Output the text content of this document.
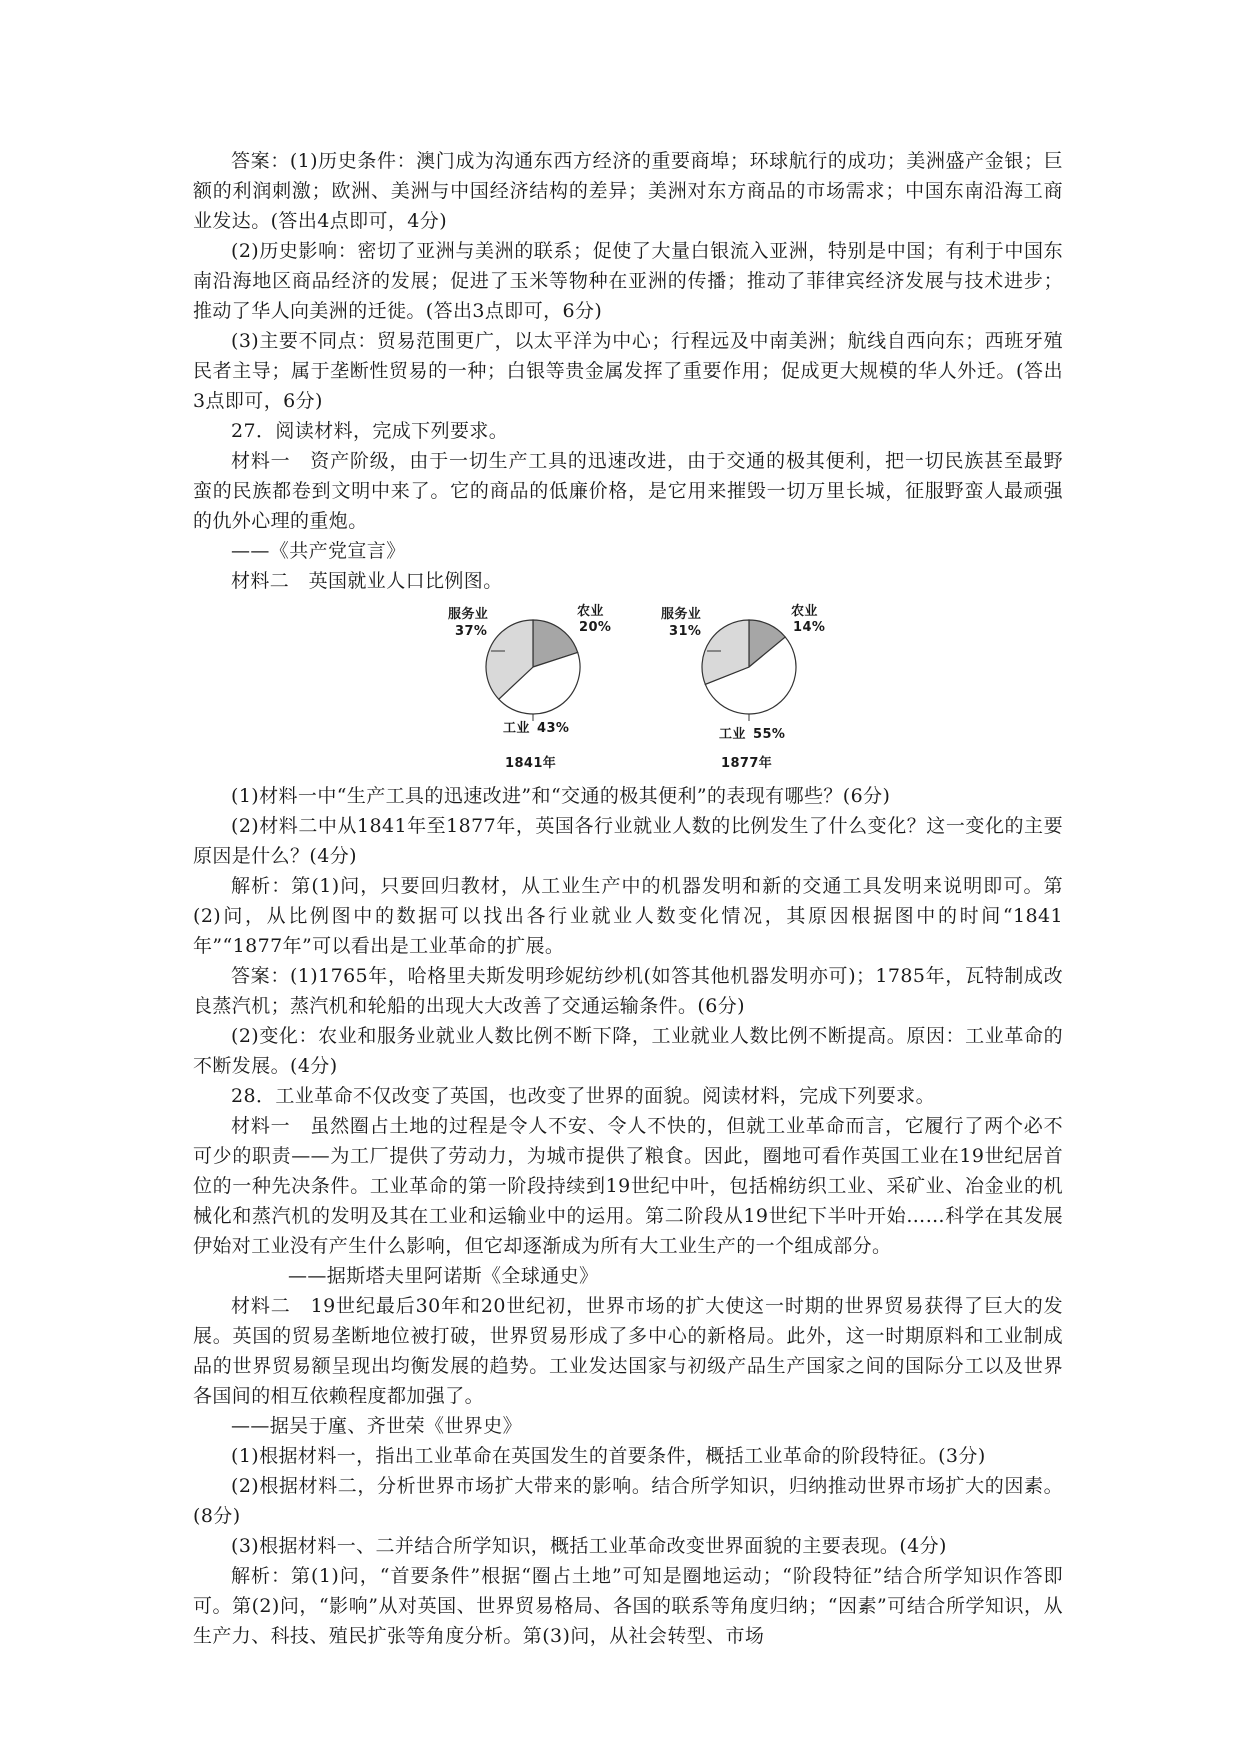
答案：(1)历史条件：澳门成为沟通东西方经济的重要商埠；环球航行的成功；美洲盛产金银；巨额的利润刺激；欧洲、美洲与中国经济结构的差异；美洲对东方商品的市场需求；中国东南沿海工商业发达。(答出4点即可，4分)

(2)历史影响：密切了亚洲与美洲的联系；促使了大量白银流入亚洲，特别是中国；有利于中国东南沿海地区商品经济的发展；促进了玉米等物种在亚洲的传播；推动了菲律宾经济发展与技术进步；推动了华人向美洲的迁徙。(答出3点即可，6分)

(3)主要不同点：贸易范围更广，以太平洋为中心；行程远及中南美洲；航线自西向东；西班牙殖民者主导；属于垄断性贸易的一种；白银等贵金属发挥了重要作用；促成更大规模的华人外迁。(答出3点即可，6分)

27．阅读材料，完成下列要求。

材料一　资产阶级，由于一切生产工具的迅速改进，由于交通的极其便利，把一切民族甚至最野蛮的民族都卷到文明中来了。它的商品的低廉价格，是它用来摧毁一切万里长城，征服野蛮人最顽强的仇外心理的重炮。

——《共产党宣言》

材料二　英国就业人口比例图。

服务业
37%
农业
20%
工业 43%
1841年
服务业
31%
农业
14%
工业 55%
1877年

(1)材料一中“生产工具的迅速改进”和“交通的极其便利”的表现有哪些？(6分)

(2)材料二中从1841年至1877年，英国各行业就业人数的比例发生了什么变化？这一变化的主要原因是什么？(4分)

解析：第(1)问，只要回归教材，从工业生产中的机器发明和新的交通工具发明来说明即可。第(2)问，从比例图中的数据可以找出各行业就业人数变化情况，其原因根据图中的时间“1841年”“1877年”可以看出是工业革命的扩展。

答案：(1)1765年，哈格里夫斯发明珍妮纺纱机(如答其他机器发明亦可)；1785年，瓦特制成改良蒸汽机；蒸汽机和轮船的出现大大改善了交通运输条件。(6分)

(2)变化：农业和服务业就业人数比例不断下降，工业就业人数比例不断提高。原因：工业革命的不断发展。(4分)

28．工业革命不仅改变了英国，也改变了世界的面貌。阅读材料，完成下列要求。

材料一　虽然圈占土地的过程是令人不安、令人不快的，但就工业革命而言，它履行了两个必不可少的职责——为工厂提供了劳动力，为城市提供了粮食。因此，圈地可看作英国工业在19世纪居首位的一种先决条件。工业革命的第一阶段持续到19世纪中叶，包括棉纺织工业、采矿业、冶金业的机械化和蒸汽机的发明及其在工业和运输业中的运用。第二阶段从19世纪下半叶开始……科学在其发展伊始对工业没有产生什么影响，但它却逐渐成为所有大工业生产的一个组成部分。

——据斯塔夫里阿诺斯《全球通史》

材料二　19世纪最后30年和20世纪初，世界市场的扩大使这一时期的世界贸易获得了巨大的发展。英国的贸易垄断地位被打破，世界贸易形成了多中心的新格局。此外，这一时期原料和工业制成品的世界贸易额呈现出均衡发展的趋势。工业发达国家与初级产品生产国家之间的国际分工以及世界各国间的相互依赖程度都加强了。

——据吴于廑、齐世荣《世界史》

(1)根据材料一，指出工业革命在英国发生的首要条件，概括工业革命的阶段特征。(3分)

(2)根据材料二，分析世界市场扩大带来的影响。结合所学知识，归纳推动世界市场扩大的因素。(8分)

(3)根据材料一、二并结合所学知识，概括工业革命改变世界面貌的主要表现。(4分)

解析：第(1)问，“首要条件”根据“圈占土地”可知是圈地运动；“阶段特征”结合所学知识作答即可。第(2)问，“影响”从对英国、世界贸易格局、各国的联系等角度归纳；“因素”可结合所学知识，从生产力、科技、殖民扩张等角度分析。第(3)问，从社会转型、市场
